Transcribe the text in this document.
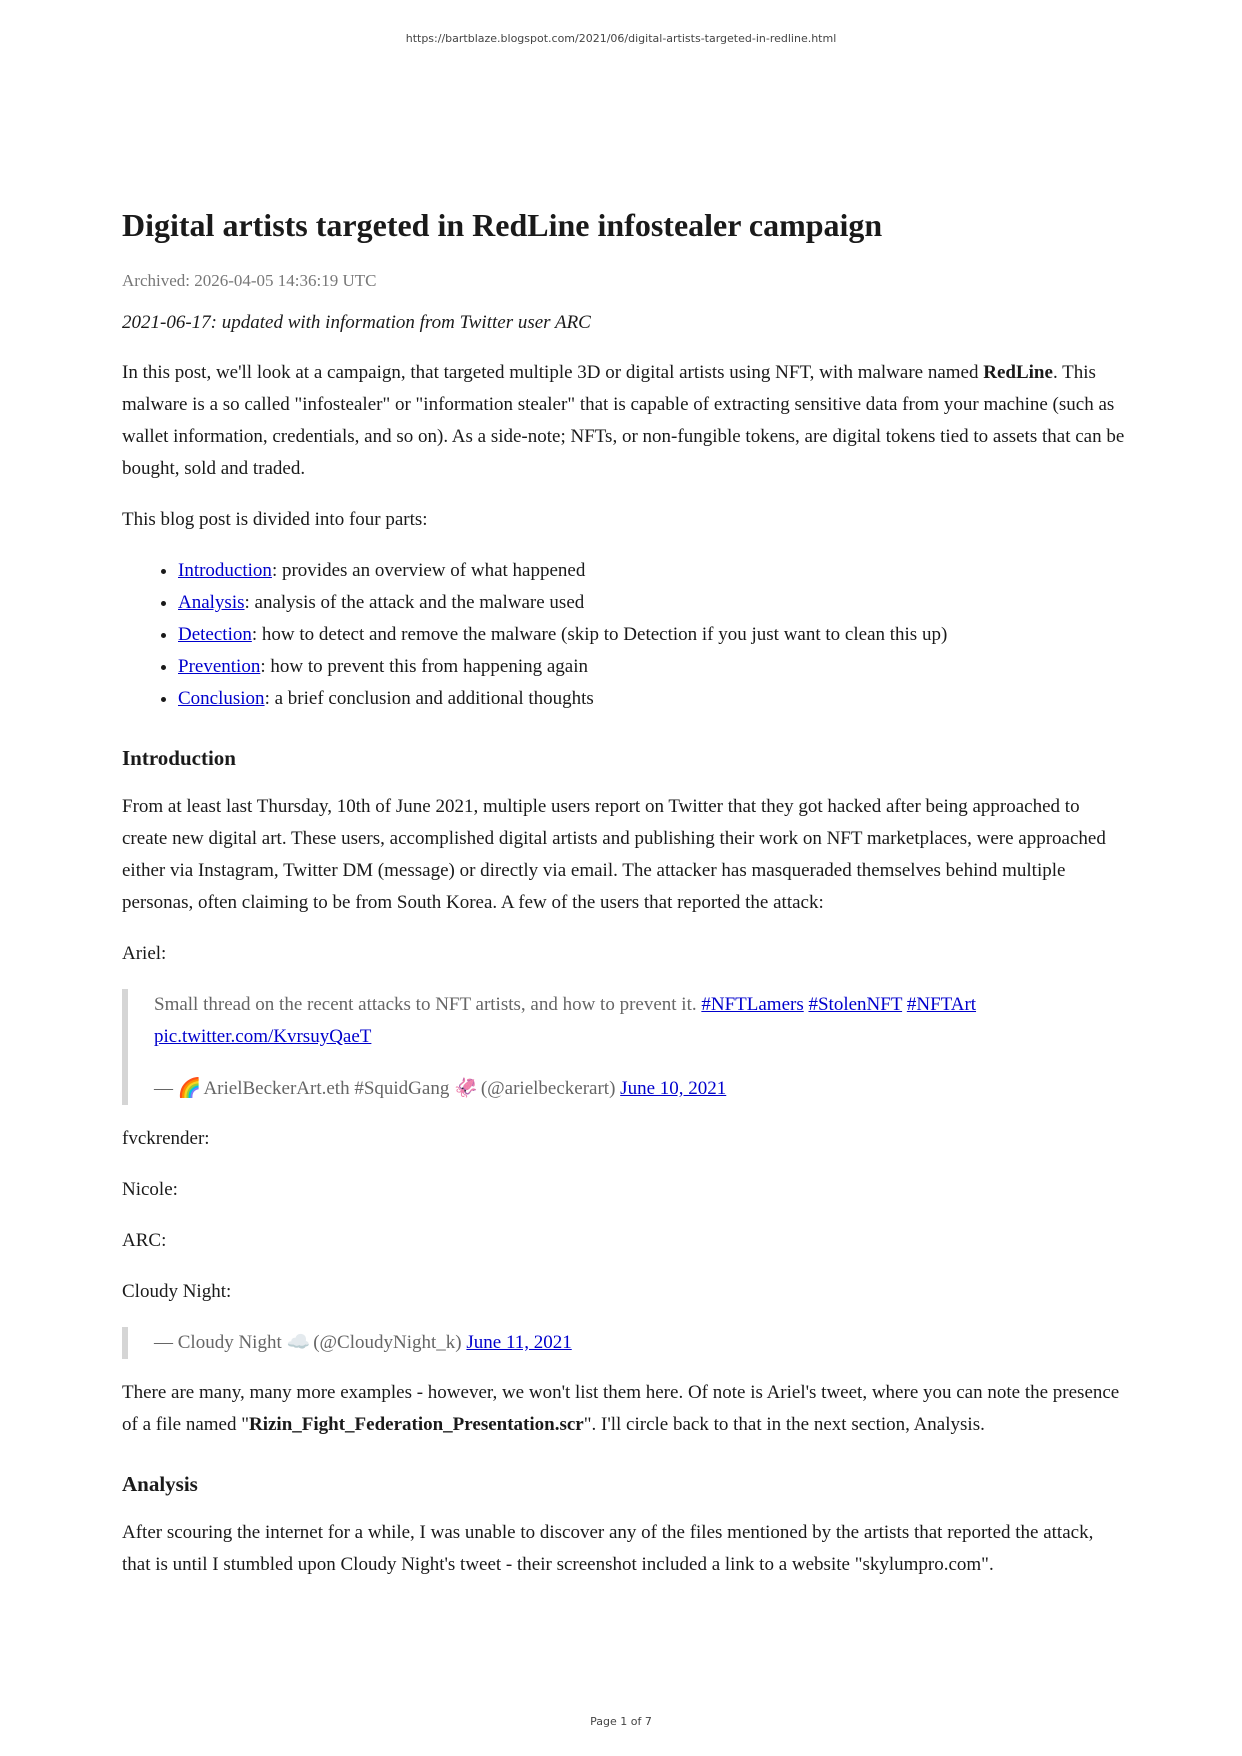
https://bartblaze.blogspot.com/2021/06/digital-artists-targeted-in-redline.html
Digital artists targeted in RedLine infostealer campaign
Archived: 2026-04-05 14:36:19 UTC

2021-06-17: updated with information from Twitter user ARC

In this post, we'll look at a campaign, that targeted multiple 3D or digital artists using NFT, with malware named RedLine. This malware is a so called "infostealer" or "information stealer" that is capable of extracting sensitive data from your machine (such as wallet information, credentials, and so on). As a side-note; NFTs, or non-fungible tokens, are digital tokens tied to assets that can be bought, sold and traded.

This blog post is divided into four parts:

• Introduction: provides an overview of what happened
• Analysis: analysis of the attack and the malware used
• Detection: how to detect and remove the malware (skip to Detection if you just want to clean this up)
• Prevention: how to prevent this from happening again
• Conclusion: a brief conclusion and additional thoughts
Introduction

From at least last Thursday, 10th of June 2021, multiple users report on Twitter that they got hacked after being approached to create new digital art. These users, accomplished digital artists and publishing their work on NFT marketplaces, were approached either via Instagram, Twitter DM (message) or directly via email. The attacker has masqueraded themselves behind multiple personas, often claiming to be from South Korea. A few of the users that reported the attack:

Ariel:

Small thread on the recent attacks to NFT artists, and how to prevent it. #NFTLamers #StolenNFT #NFTArt
pic.twitter.com/KvrsuyQaeT

— 🌈 ArielBeckerArt.eth #SquidGang 🦑 (@arielbeckerart) June 10, 2021

fvckrender:

Nicole:

ARC:

Cloudy Night:

— Cloudy Night ☁️ (@CloudyNight_k) June 11, 2021

There are many, many more examples - however, we won't list them here. Of note is Ariel's tweet, where you can note the presence of a file named "Rizin_Fight_Federation_Presentation.scr". I'll circle back to that in the next section, Analysis.

Analysis

After scouring the internet for a while, I was unable to discover any of the files mentioned by the artists that reported the attack, that is until I stumbled upon Cloudy Night's tweet - their screenshot included a link to a website "skylumpro.com".

Page 1 of 7
